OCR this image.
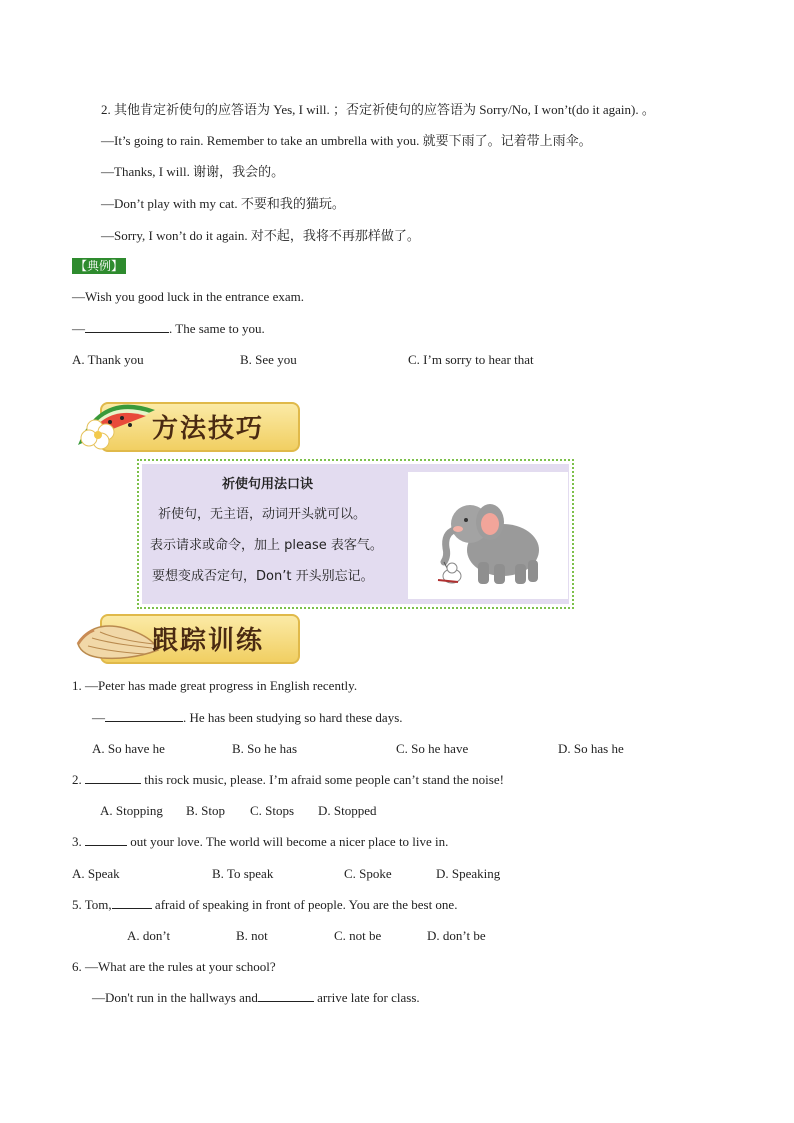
2. 其他肯定祈使句的应答语为 Yes, I will. ；否定祈使句的应答语为 Sorry/No, I won’t(do it again). 。
—It’s going to rain. Remember to take an umbrella with you. 就要下雨了。记着带上雨伞。
—Thanks, I will. 谢谢，我会的。
—Don’t play with my cat. 不要和我的猫玩。
—Sorry, I won’t do it again. 对不起，我将不再那样做了。
【典例】
—Wish you good luck in the entrance exam.
—	. The same to you.
A. Thank you	B. See you	C. I’m sorry to hear that
方法技巧
祈使句用法口诀
祈使句，无主语，动词开头就可以。
表示请求或命令，加上 please 表客气。
要想变成否定句，Don’t 开头别忘记。
跟踪训练
1. —Peter has made great progress in English recently.
—	. He has been studying so hard these days.
A. So have he	B. So he has	C. So he have	D. So has he
2.	this rock music, please. I’m afraid some people can’t stand the noise!
A. Stopping B. Stop C. Stops D. Stopped
3.	out your love. The world will become a nicer place to live in.
A. Speak	B. To speak	C. Spoke	D. Speaking
5. Tom,	afraid of speaking in front of people. You are the best one.
A. don’t	B. not	C. not be	D. don’t be
6. —What are the rules at your school?
—Don't run in the hallways and	arrive late for class.
